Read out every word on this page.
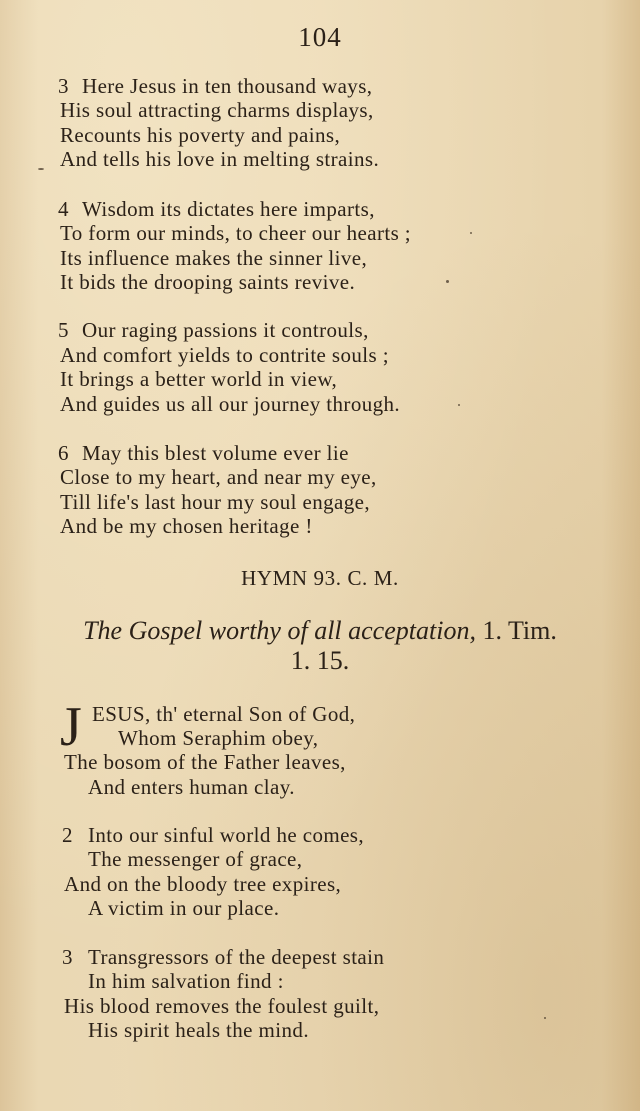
104
3 Here Jesus in ten thousand ways,
His soul attracting charms displays,
Recounts his poverty and pains,
And tells his love in melting strains.
4 Wisdom its dictates here imparts,
To form our minds, to cheer our hearts ;
Its influence makes the sinner live,
It bids the drooping saints revive.
5 Our raging passions it controuls,
And comfort yields to contrite souls ;
It brings a better world in view,
And guides us all our journey through.
6 May this blest volume ever lie
Close to my heart, and near my eye,
Till life's last hour my soul engage,
And be my chosen heritage !
HYMN 93. C. M.
The Gospel worthy of all acceptation, 1. Tim.
1. 15.
J ESUS, th' eternal Son of God,
Whom Seraphim obey,
The bosom of the Father leaves,
And enters human clay.
2 Into our sinful world he comes,
The messenger of grace,
And on the bloody tree expires,
A victim in our place.
3 Transgressors of the deepest stain
In him salvation find :
His blood removes the foulest guilt,
His spirit heals the mind.
